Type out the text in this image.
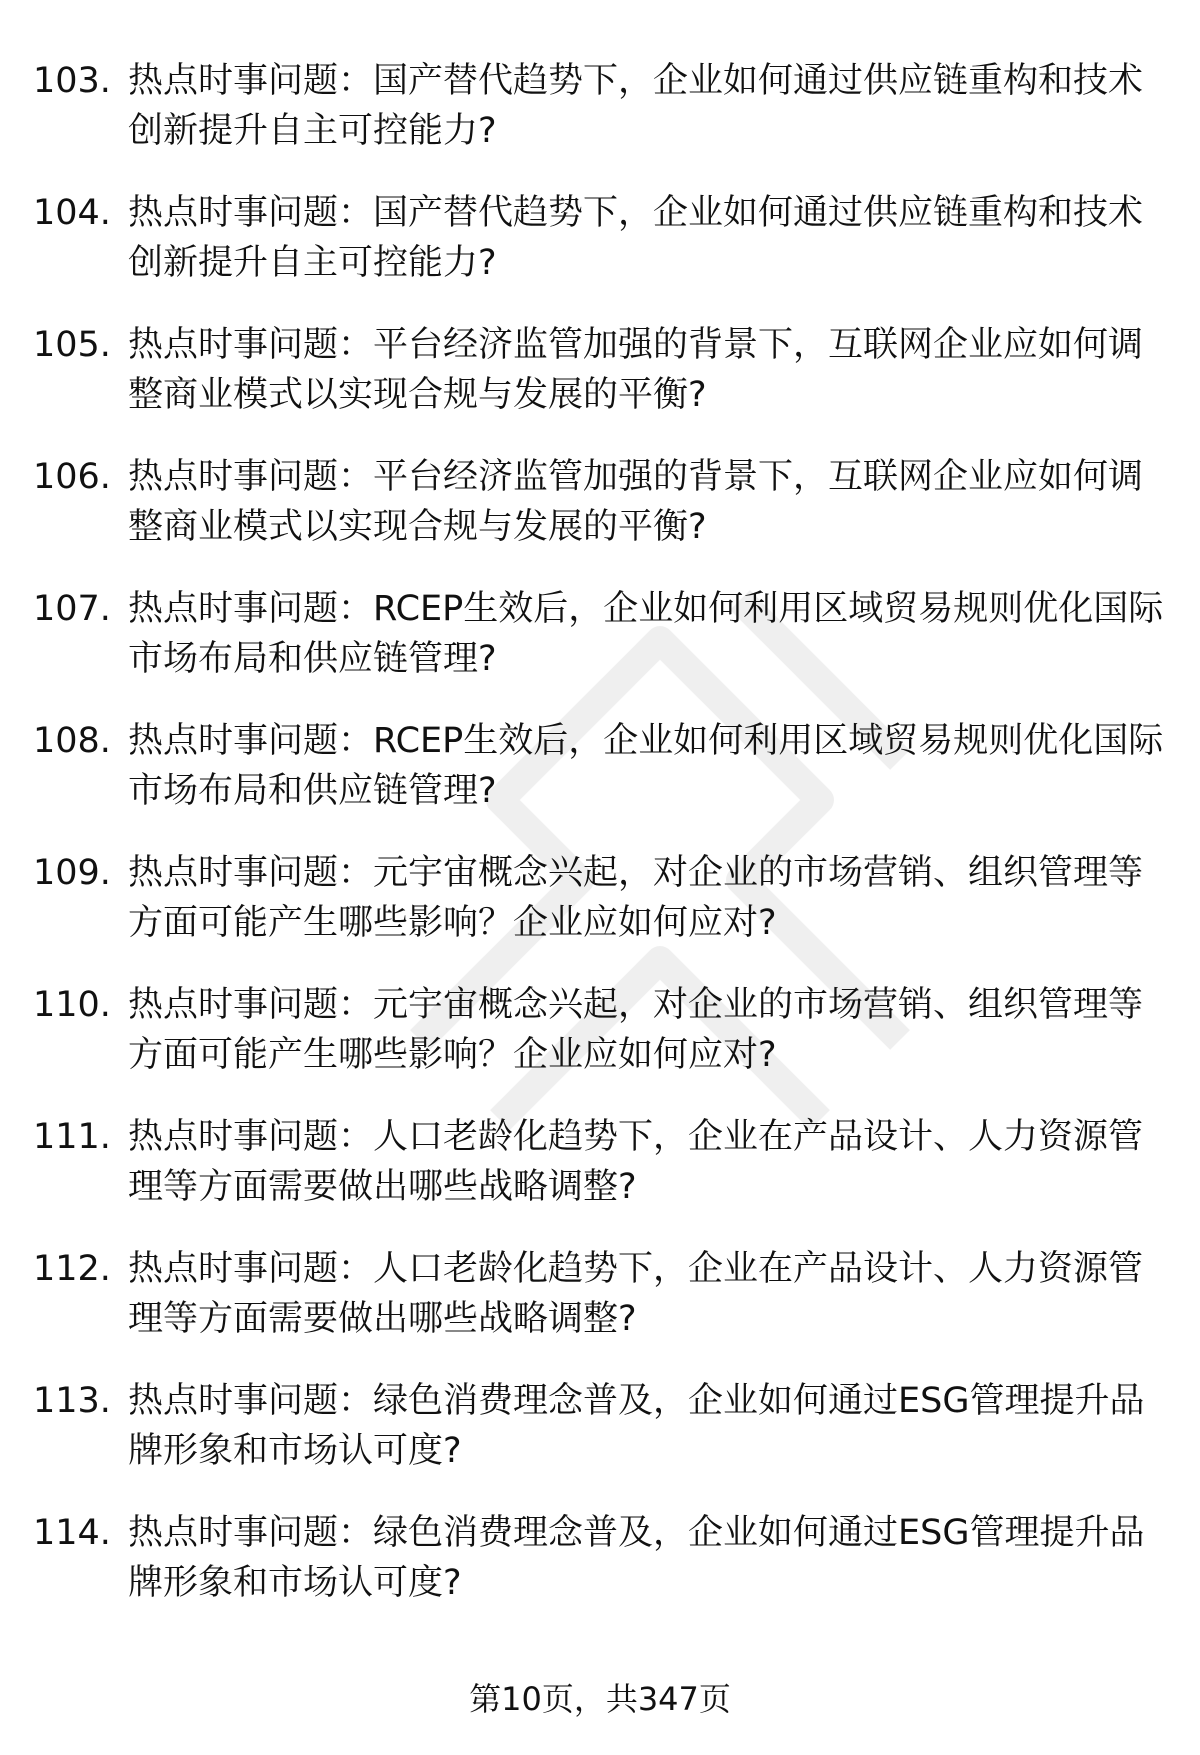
103. 热点时事问题：国产替代趋势下，企业如何通过供应链重构和技术创新提升自主可控能力?
104. 热点时事问题：国产替代趋势下，企业如何通过供应链重构和技术创新提升自主可控能力?
105. 热点时事问题：平台经济监管加强的背景下，互联网企业应如何调整商业模式以实现合规与发展的平衡?
106. 热点时事问题：平台经济监管加强的背景下，互联网企业应如何调整商业模式以实现合规与发展的平衡?
107. 热点时事问题：RCEP生效后，企业如何利用区域贸易规则优化国际市场布局和供应链管理?
108. 热点时事问题：RCEP生效后，企业如何利用区域贸易规则优化国际市场布局和供应链管理?
109. 热点时事问题：元宇宙概念兴起，对企业的市场营销、组织管理等方面可能产生哪些影响？企业应如何应对?
110. 热点时事问题：元宇宙概念兴起，对企业的市场营销、组织管理等方面可能产生哪些影响？企业应如何应对?
111. 热点时事问题：人口老龄化趋势下，企业在产品设计、人力资源管理等方面需要做出哪些战略调整?
112. 热点时事问题：人口老龄化趋势下，企业在产品设计、人力资源管理等方面需要做出哪些战略调整?
113. 热点时事问题：绿色消费理念普及，企业如何通过ESG管理提升品牌形象和市场认可度?
114. 热点时事问题：绿色消费理念普及，企业如何通过ESG管理提升品牌形象和市场认可度?
第10页，共347页
